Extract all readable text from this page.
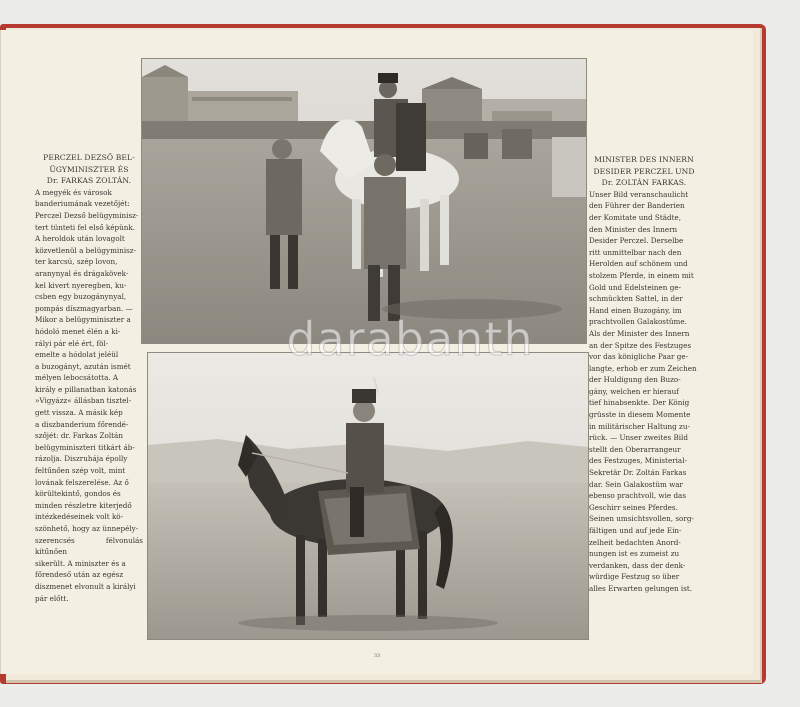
PERCZEL DEZSŐ BEL-

ÜGYMINISZTER ÉS

Dr. FARKAS ZOLTÁN.

A megyék és városok

banderiumának vezetőjét:

Perczel Dezső belügyminisz-

tert tünteti fel első képünk.

A heroldok után lovagolt

közvetlenül a belügyminisz-

ter karcsú, szép lovon,

aranynyal és drágakövek-

kel kivert nyeregben, ku-

csben egy buzogánynyal,

pompás díszmagyarban. —

Mikor a belügyminiszter a

hódoló menet élén a ki-

rályi pár elé ért, föl-

emelte a hódolat jeléül

a buzogányt, azután ismét

mélyen lebocsátotta. A

király e pillanatban katonás

»Vigyázz« állásban tisztel-

gett vissza. A másik kép

a diszbanderium főrendé-

szőjét: dr. Farkas Zoltán

belügyminiszteri titkárt áb-

rázolja. Diszruhája épolly

feltűnően szép volt, mint

lovának felszerelése. Az ő

körültekintő, gondos és

minden részletre kiterjedő

intézkedéseinek volt kö-

szönhető, hogy az ünnepély-

szerencsés félvonulás kitűnően

sikerült. A miniszter és a

főrendeső után az egész

diszmenet elvonult a királyi

pár előtt.

MINISTER DES INNERN

DESIDER PERCZEL UND

Dr. ZOLTÁN FARKAS.

Unser Bild veranschaulicht

den Führer der Banderien

der Komitate und Städte,

den Minister des Innern

Desider Perczel. Derselbe

ritt unmittelbar nach den

Herolden auf schönem und

stolzem Pferde, in einem mit

Gold und Edelsteinen ge-

schmückten Sattel, in der

Hand einen Buzogány, im

prachtvollen Galakostüme.

Als der Minister des Innern

an der Spitze des Festzuges

vor das königliche Paar ge-

langte, erhob er zum Zeichen

der Huldigung den Buzo-

gány, welchen er hierauf

tief hinabsenkte. Der König

grüsste in diesem Momente

in militärischer Haltung zu-

rück. — Unser zweites Bild

stellt den Oberarrangeur

des Festzuges, Ministerial-

Sekretär Dr. Zoltán Farkas

dar. Sein Galakostüm war

ebenso prachtvoll, wie das

Geschirr seines Pferdes.

Seinen umsichtsvollen, sorg-

fältigen und auf jede Ein-

zelheit bedachten Anord-

nungen ist es zumeist zu

verdanken, dass der denk-

würdige Festzug so über

alles Erwarten gelungen ist.

33
darabanth
